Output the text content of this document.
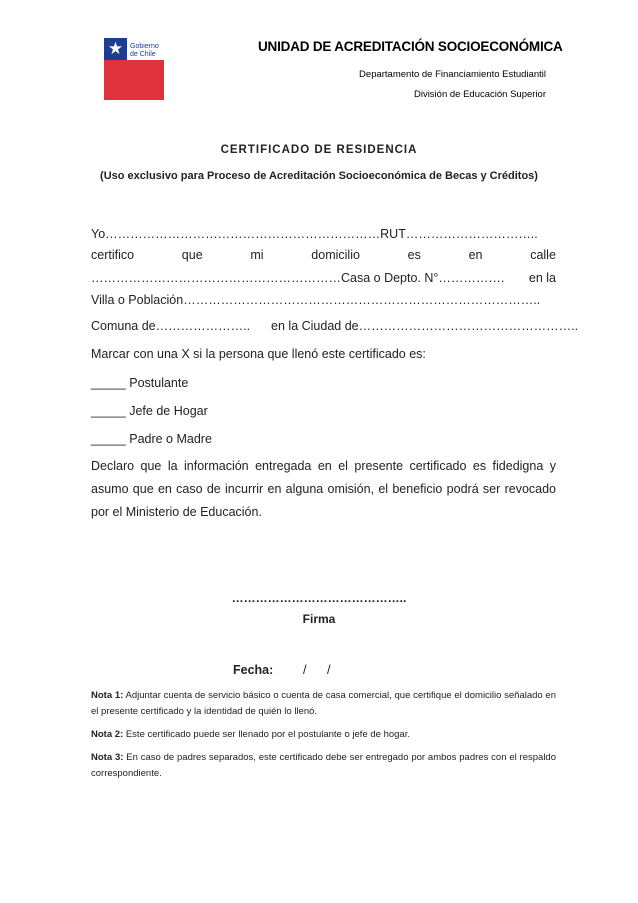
★ Gobierno
de Chile
UNIDAD DE ACREDITACIÓN SOCIOECONÓMICA
Departamento de Financiamiento Estudiantil
División de Educación Superior
CERTIFICADO DE RESIDENCIA
(Uso exclusivo para Proceso de Acreditación Socioeconómica de Becas y Créditos)
Yo…………………………………………………………RUT…………………………..
certifico	que	mi	domicilio	es	en	calle
……………………………………………………Casa o Depto. N°……………. en la
Villa o Población…………………………………………………………………………..
Comuna de………………….. en la Ciudad de……………………………………………..
Marcar con una X si la persona que llenó este certificado es:
_____ Postulante
_____ Jefe de Hogar
_____ Padre o Madre
Declaro que la información entregada en el presente certificado es fidedigna y asumo que en caso de incurrir en alguna omisión, el beneficio podrá ser revocado por el Ministerio de Educación.
……………………………………..
Firma
Fecha: / /
Nota 1: Adjuntar cuenta de servicio básico o cuenta de casa comercial, que certifique el domicilio señalado en el presente certificado y la identidad de quién lo llenó.
Nota 2: Este certificado puede ser llenado por el postulante o jefe de hogar.
Nota 3: En caso de padres separados, este certificado debe ser entregado por ambos padres con el respaldo correspondiente.
